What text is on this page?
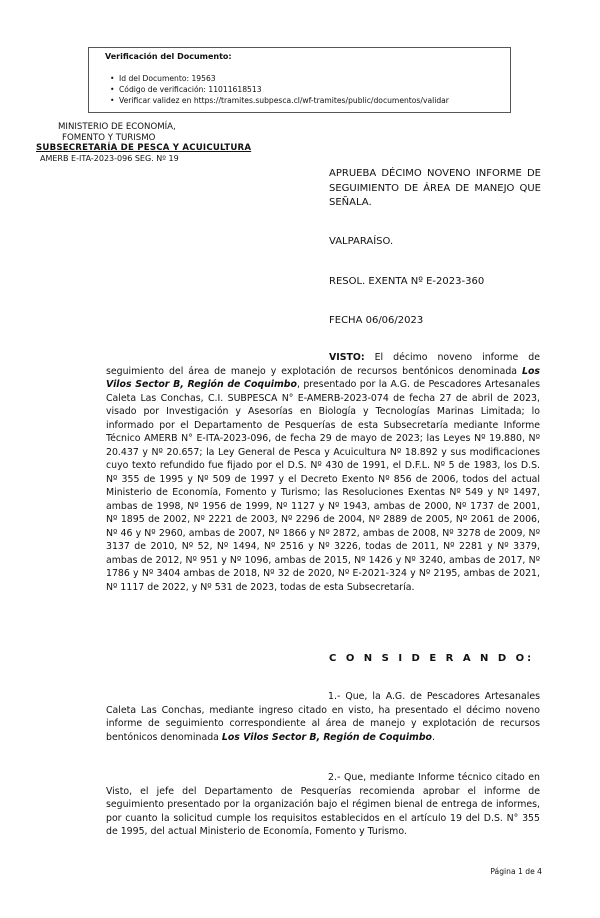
Verificación del Documento:

• Id del Documento: 19563
• Código de verificación: 11011618513
• Verificar validez en https://tramites.subpesca.cl/wf-tramites/public/documentos/validar
MINISTERIO DE ECONOMÍA,
FOMENTO Y TURISMO
SUBSECRETARÍA DE PESCA Y ACUICULTURA
AMERB E-ITA-2023-096 SEG. Nº 19
APRUEBA DÉCIMO NOVENO INFORME DE SEGUIMIENTO DE ÁREA DE MANEJO QUE SEÑALA.
VALPARAÍSO.
RESOL. EXENTA Nº E-2023-360
FECHA 06/06/2023

VISTO: El décimo noveno informe de seguimiento del área de manejo y explotación de recursos bentónicos denominada Los Vilos Sector B, Región de Coquimbo, presentado por la A.G. de Pescadores Artesanales Caleta Las Conchas, C.I. SUBPESCA N° E-AMERB-2023-074 de fecha 27 de abril de 2023, visado por Investigación y Asesorías en Biología y Tecnologías Marinas Limitada; lo informado por el Departamento de Pesquerías de esta Subsecretaría mediante Informe Técnico AMERB N° E-ITA-2023-096, de fecha 29 de mayo de 2023; las Leyes Nº 19.880, Nº 20.437 y Nº 20.657; la Ley General de Pesca y Acuicultura Nº 18.892 y sus modificaciones cuyo texto refundido fue fijado por el D.S. Nº 430 de 1991, el D.F.L. Nº 5 de 1983, los D.S. Nº 355 de 1995 y Nº 509 de 1997 y el Decreto Exento Nº 856 de 2006, todos del actual Ministerio de Economía, Fomento y Turismo; las Resoluciones Exentas Nº 549 y Nº 1497, ambas de 1998, Nº 1956 de 1999, Nº 1127 y Nº 1943, ambas de 2000, Nº 1737 de 2001, Nº 1895 de 2002, Nº 2221 de 2003, Nº 2296 de 2004, Nº 2889 de 2005, Nº 2061 de 2006, Nº 46 y Nº 2960, ambas de 2007, Nº 1866 y Nº 2872, ambas de 2008, Nº 3278 de 2009, Nº 3137 de 2010, Nº 52, Nº 1494, Nº 2516 y Nº 3226, todas de 2011, Nº 2281 y Nº 3379, ambas de 2012, Nº 951 y Nº 1096, ambas de 2015, Nº 1426 y Nº 3240, ambas de 2017, Nº 1786 y Nº 3404 ambas de 2018, Nº 32 de 2020, Nº E-2021-324 y Nº 2195, ambas de 2021, Nº 1117 de 2022, y Nº 531 de 2023, todas de esta Subsecretaría.

C O N S I D E R A N D O:

1.- Que, la A.G. de Pescadores Artesanales Caleta Las Conchas, mediante ingreso citado en visto, ha presentado el décimo noveno informe de seguimiento correspondiente al área de manejo y explotación de recursos bentónicos denominada Los Vilos Sector B, Región de Coquimbo.

2.- Que, mediante Informe técnico citado en Visto, el jefe del Departamento de Pesquerías recomienda aprobar el informe de seguimiento presentado por la organización bajo el régimen bienal de entrega de informes, por cuanto la solicitud cumple los requisitos establecidos en el artículo 19 del D.S. N° 355 de 1995, del actual Ministerio de Economía, Fomento y Turismo.

Página 1 de 4
